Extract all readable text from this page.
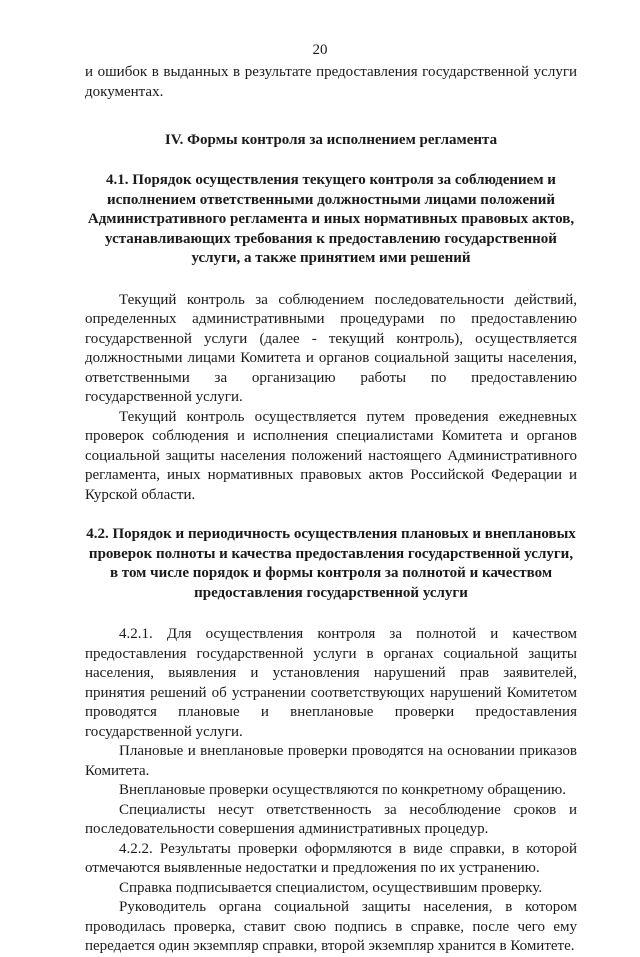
20

и ошибок в выданных в результате предоставления государственной услуги документах.

IV. Формы контроля за исполнением регламента
4.1. Порядок осуществления текущего контроля за соблюдением и исполнением ответственными должностными лицами положений Административного регламента и иных нормативных правовых актов, устанавливающих требования к предоставлению государственной услуги, а также принятием ими решений

Текущий контроль за соблюдением последовательности действий, определенных административными процедурами по предоставлению государственной услуги (далее - текущий контроль), осуществляется должностными лицами Комитета и органов социальной защиты населения, ответственными за организацию работы по предоставлению государственной услуги.

Текущий контроль осуществляется путем проведения ежедневных проверок соблюдения и исполнения специалистами Комитета и органов социальной защиты населения положений настоящего Административного регламента, иных нормативных правовых актов Российской Федерации и Курской области.

4.2. Порядок и периодичность осуществления плановых и внеплановых проверок полноты и качества предоставления государственной услуги, в том числе порядок и формы контроля за полнотой и качеством предоставления государственной услуги

4.2.1. Для осуществления контроля за полнотой и качеством предоставления государственной услуги в органах социальной защиты населения, выявления и установления нарушений прав заявителей, принятия решений об устранении соответствующих нарушений Комитетом проводятся плановые и внеплановые проверки предоставления государственной услуги.

Плановые и внеплановые проверки проводятся на основании приказов Комитета.

Внеплановые проверки осуществляются по конкретному обращению.

Специалисты несут ответственность за несоблюдение сроков и последовательности совершения административных процедур.

4.2.2. Результаты проверки оформляются в виде справки, в которой отмечаются выявленные недостатки и предложения по их устранению.

Справка подписывается специалистом, осуществившим проверку.

Руководитель органа социальной защиты населения, в котором проводилась проверка, ставит свою подпись в справке, после чего ему передается один экземпляр справки, второй экземпляр хранится в Комитете.
